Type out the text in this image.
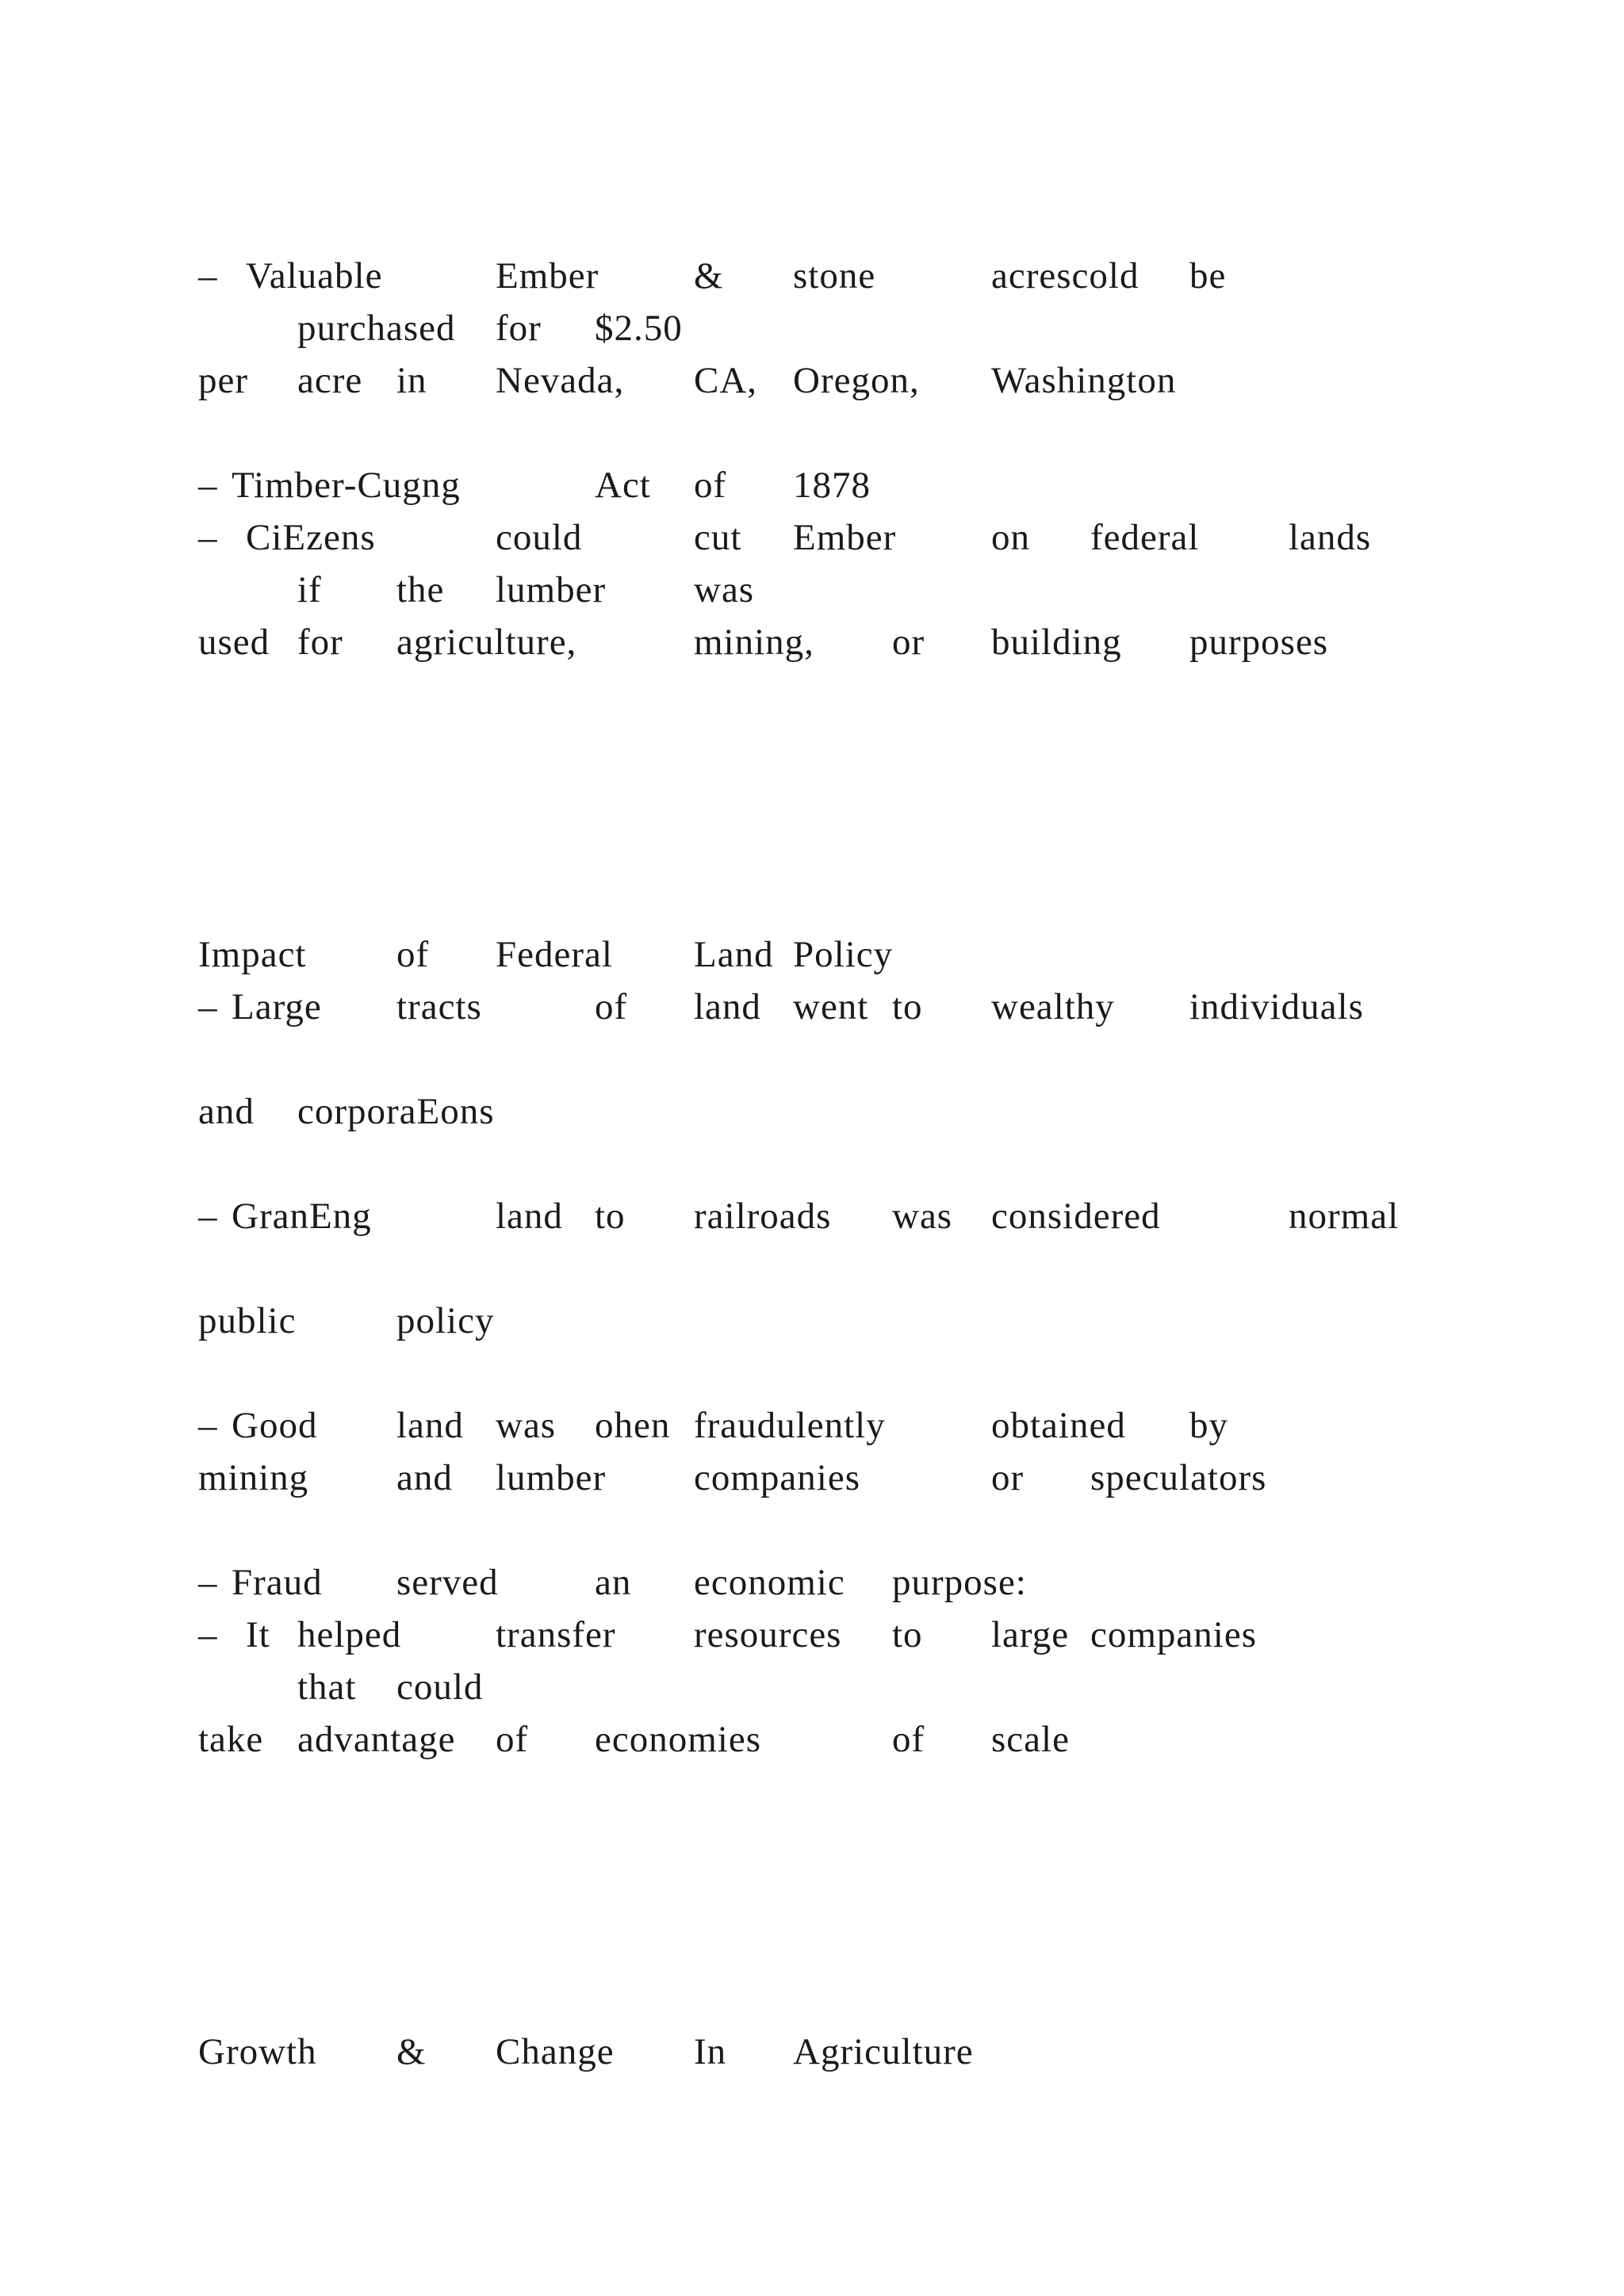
– Valuable	Ember	& stone	acrescold be
purchased for $2.50
per acre in Nevada, CA, Oregon, Washington
– Timber-Cugng	Act of 1878
– CiEzens	could	cut Ember	on federal lands
if the lumber was
used for agriculture,	mining, or building purposes
Impact of Federal Land Policy
– Large tracts	of land went to wealthy individuals
and corporaEons
– GranEng	land to railroads was considered	normal
public	policy
– Good land was ohen fraudulently	obtained by
mining and lumber companies	or speculators
– Fraud served	an economic purpose:
– It helped	transfer resources to large companies
that could
take advantage of economies	of scale
Growth & Change In Agriculture
